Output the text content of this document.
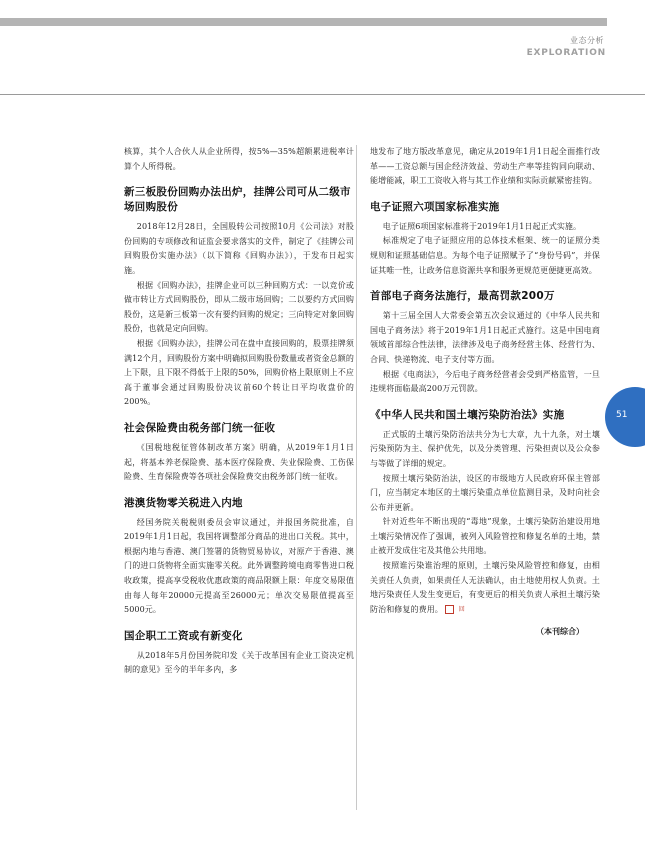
业态分析
EXPLORATION

核算，其个人合伙人从企业所得，按5%—35%超额累进税率计算个人所得税。

新三板股份回购办法出炉，挂牌公司可从二级市场回购股份

2018年12月28日，全国股转公司按照10月《公司法》对股份回购的专项修改和证监会要求落实的文件，制定了《挂牌公司回购股份实施办法》（以下简称《回购办法》），于发布日起实施。

根据《回购办法》，挂牌企业可以三种回购方式：一以竞价或做市转让方式回购股份，即从二级市场回购；二以要约方式回购股份，这是新三板第一次有要约回购的规定；三向特定对象回购股份，也就是定向回购。

根据《回购办法》，挂牌公司在盘中直接回购的，股票挂牌须满12个月，回购股份方案中明确拟回购股份数量或者资金总额的上下限，且下限不得低于上限的50%，回购价格上限原则上不应高于董事会通过回购股份决议前60个转让日平均收盘价的200%。

社会保险费由税务部门统一征收

《国税地税征管体制改革方案》明确，从2019年1月1日起，将基本养老保险费、基本医疗保险费、失业保险费、工伤保险费、生育保险费等各项社会保险费交由税务部门统一征收。

港澳货物零关税进入内地

经国务院关税税则委员会审议通过，并报国务院批准，自2019年1月1日起，我国将调整部分商品的进出口关税。其中，根据内地与香港、澳门签署的货物贸易协议，对原产于香港、澳门的进口货物将全面实施零关税。此外调整跨境电商零售进口税收政策，提高享受税收优惠政策的商品限额上限：年度交易限值由每人每年20000元提高至26000元；单次交易限值提高至5000元。

国企职工工资或有新变化

从2018年5月份国务院印发《关于改革国有企业工资决定机制的意见》至今的半年多内，多

地发布了地方版改革意见，确定从2019年1月1日起全面推行改革——工资总额与国企经济效益、劳动生产率等挂钩同向联动、能增能减，职工工资收入将与其工作业绩和实际贡献紧密挂钩。

电子证照六项国家标准实施

电子证照6项国家标准将于2019年1月1日起正式实施。

标准规定了电子证照应用的总体技术框架、统一的证照分类规则和证照基础信息。为每个电子证照赋予了“身份号码”，并保证其唯一性，让政务信息资源共享和服务更规范更便捷更高效。

首部电子商务法施行，最高罚款200万

第十三届全国人大常委会第五次会议通过的《中华人民共和国电子商务法》将于2019年1月1日起正式施行。这是中国电商领域首部综合性法律，法律涉及电子商务经营主体、经营行为、合同、快递物流、电子支付等方面。

根据《电商法》，今后电子商务经营者会受到严格监管，一旦违规将面临最高200万元罚款。

《中华人民共和国土壤污染防治法》实施

正式版的土壤污染防治法共分为七大章，九十九条，对土壤污染预防为主、保护优先，以及分类管理、污染担责以及公众参与等做了详细的规定。

按照土壤污染防治法，设区的市级地方人民政府环保主管部门，应当制定本地区的土壤污染重点单位监测目录，及时向社会公布并更新。

针对近些年不断出现的“毒地”现象，土壤污染防治建设用地土壤污染情况作了强调，被列入风险管控和修复名单的土地，禁止被开发成住宅及其他公共用地。

按照谁污染谁治理的原则，土壤污染风险管控和修复，由相关责任人负责，如果责任人无法确认，由土地使用权人负责。土地污染责任人发生变更后，有变更后的相关负责人承担土壤污染防治和修复的费用。	回

（本刊综合）
51
